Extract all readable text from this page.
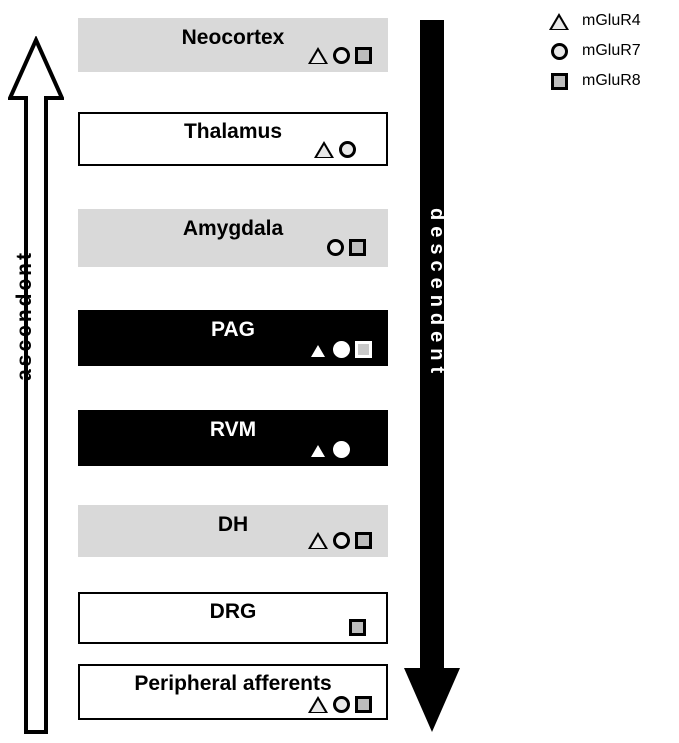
ascendent	descendent
Neocortex
Thalamus
Amygdala
PAG
RVM
DH
DRG
Peripheral afferents
mGluR4
mGluR7
mGluR8
